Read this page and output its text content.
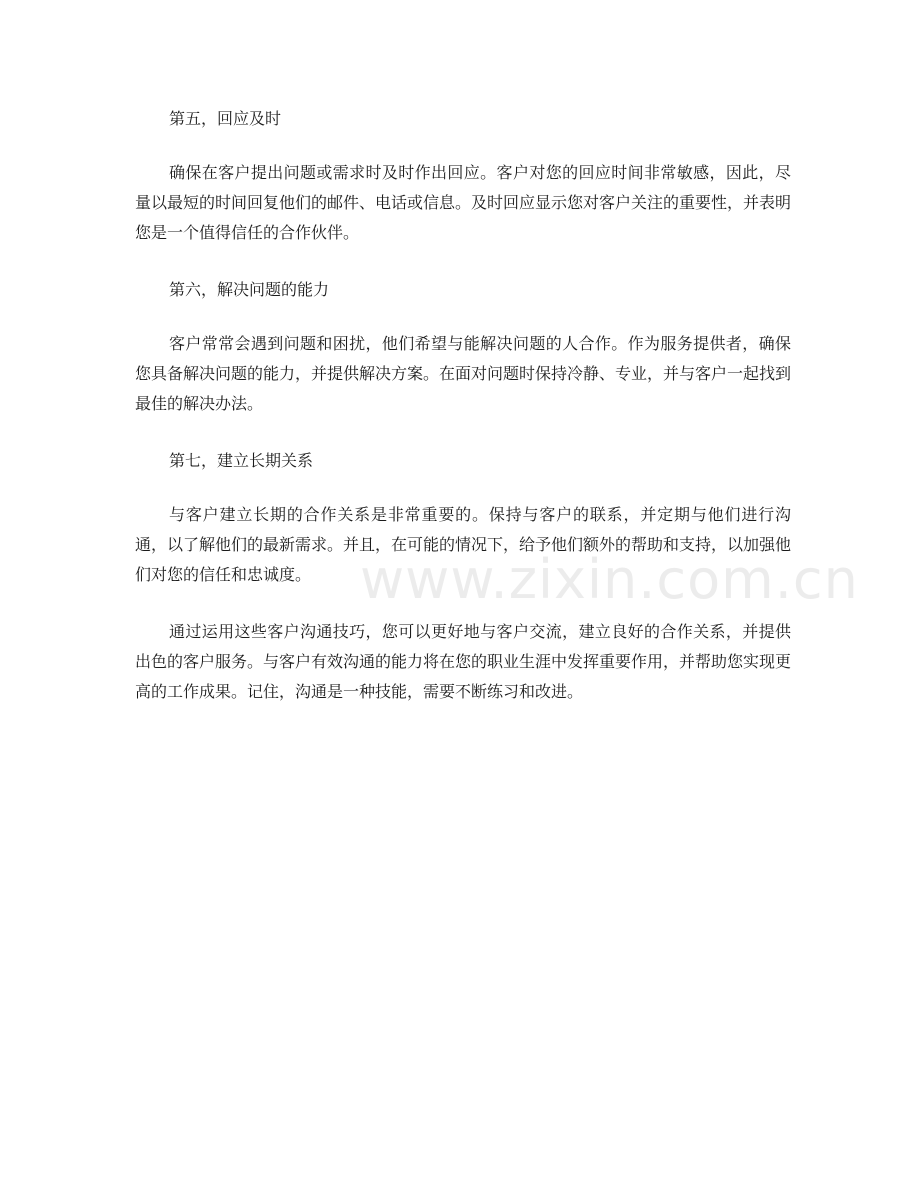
www.zixin.com.cn

第五，回应及时

确保在客户提出问题或需求时及时作出回应。客户对您的回应时间非常敏感，因此，尽量以最短的时间回复他们的邮件、电话或信息。及时回应显示您对客户关注的重要性，并表明您是一个值得信任的合作伙伴。

第六，解决问题的能力

客户常常会遇到问题和困扰，他们希望与能解决问题的人合作。作为服务提供者，确保您具备解决问题的能力，并提供解决方案。在面对问题时保持冷静、专业，并与客户一起找到最佳的解决办法。

第七，建立长期关系

与客户建立长期的合作关系是非常重要的。保持与客户的联系，并定期与他们进行沟通，以了解他们的最新需求。并且，在可能的情况下，给予他们额外的帮助和支持，以加强他们对您的信任和忠诚度。

通过运用这些客户沟通技巧，您可以更好地与客户交流，建立良好的合作关系，并提供出色的客户服务。与客户有效沟通的能力将在您的职业生涯中发挥重要作用，并帮助您实现更高的工作成果。记住，沟通是一种技能，需要不断练习和改进。
